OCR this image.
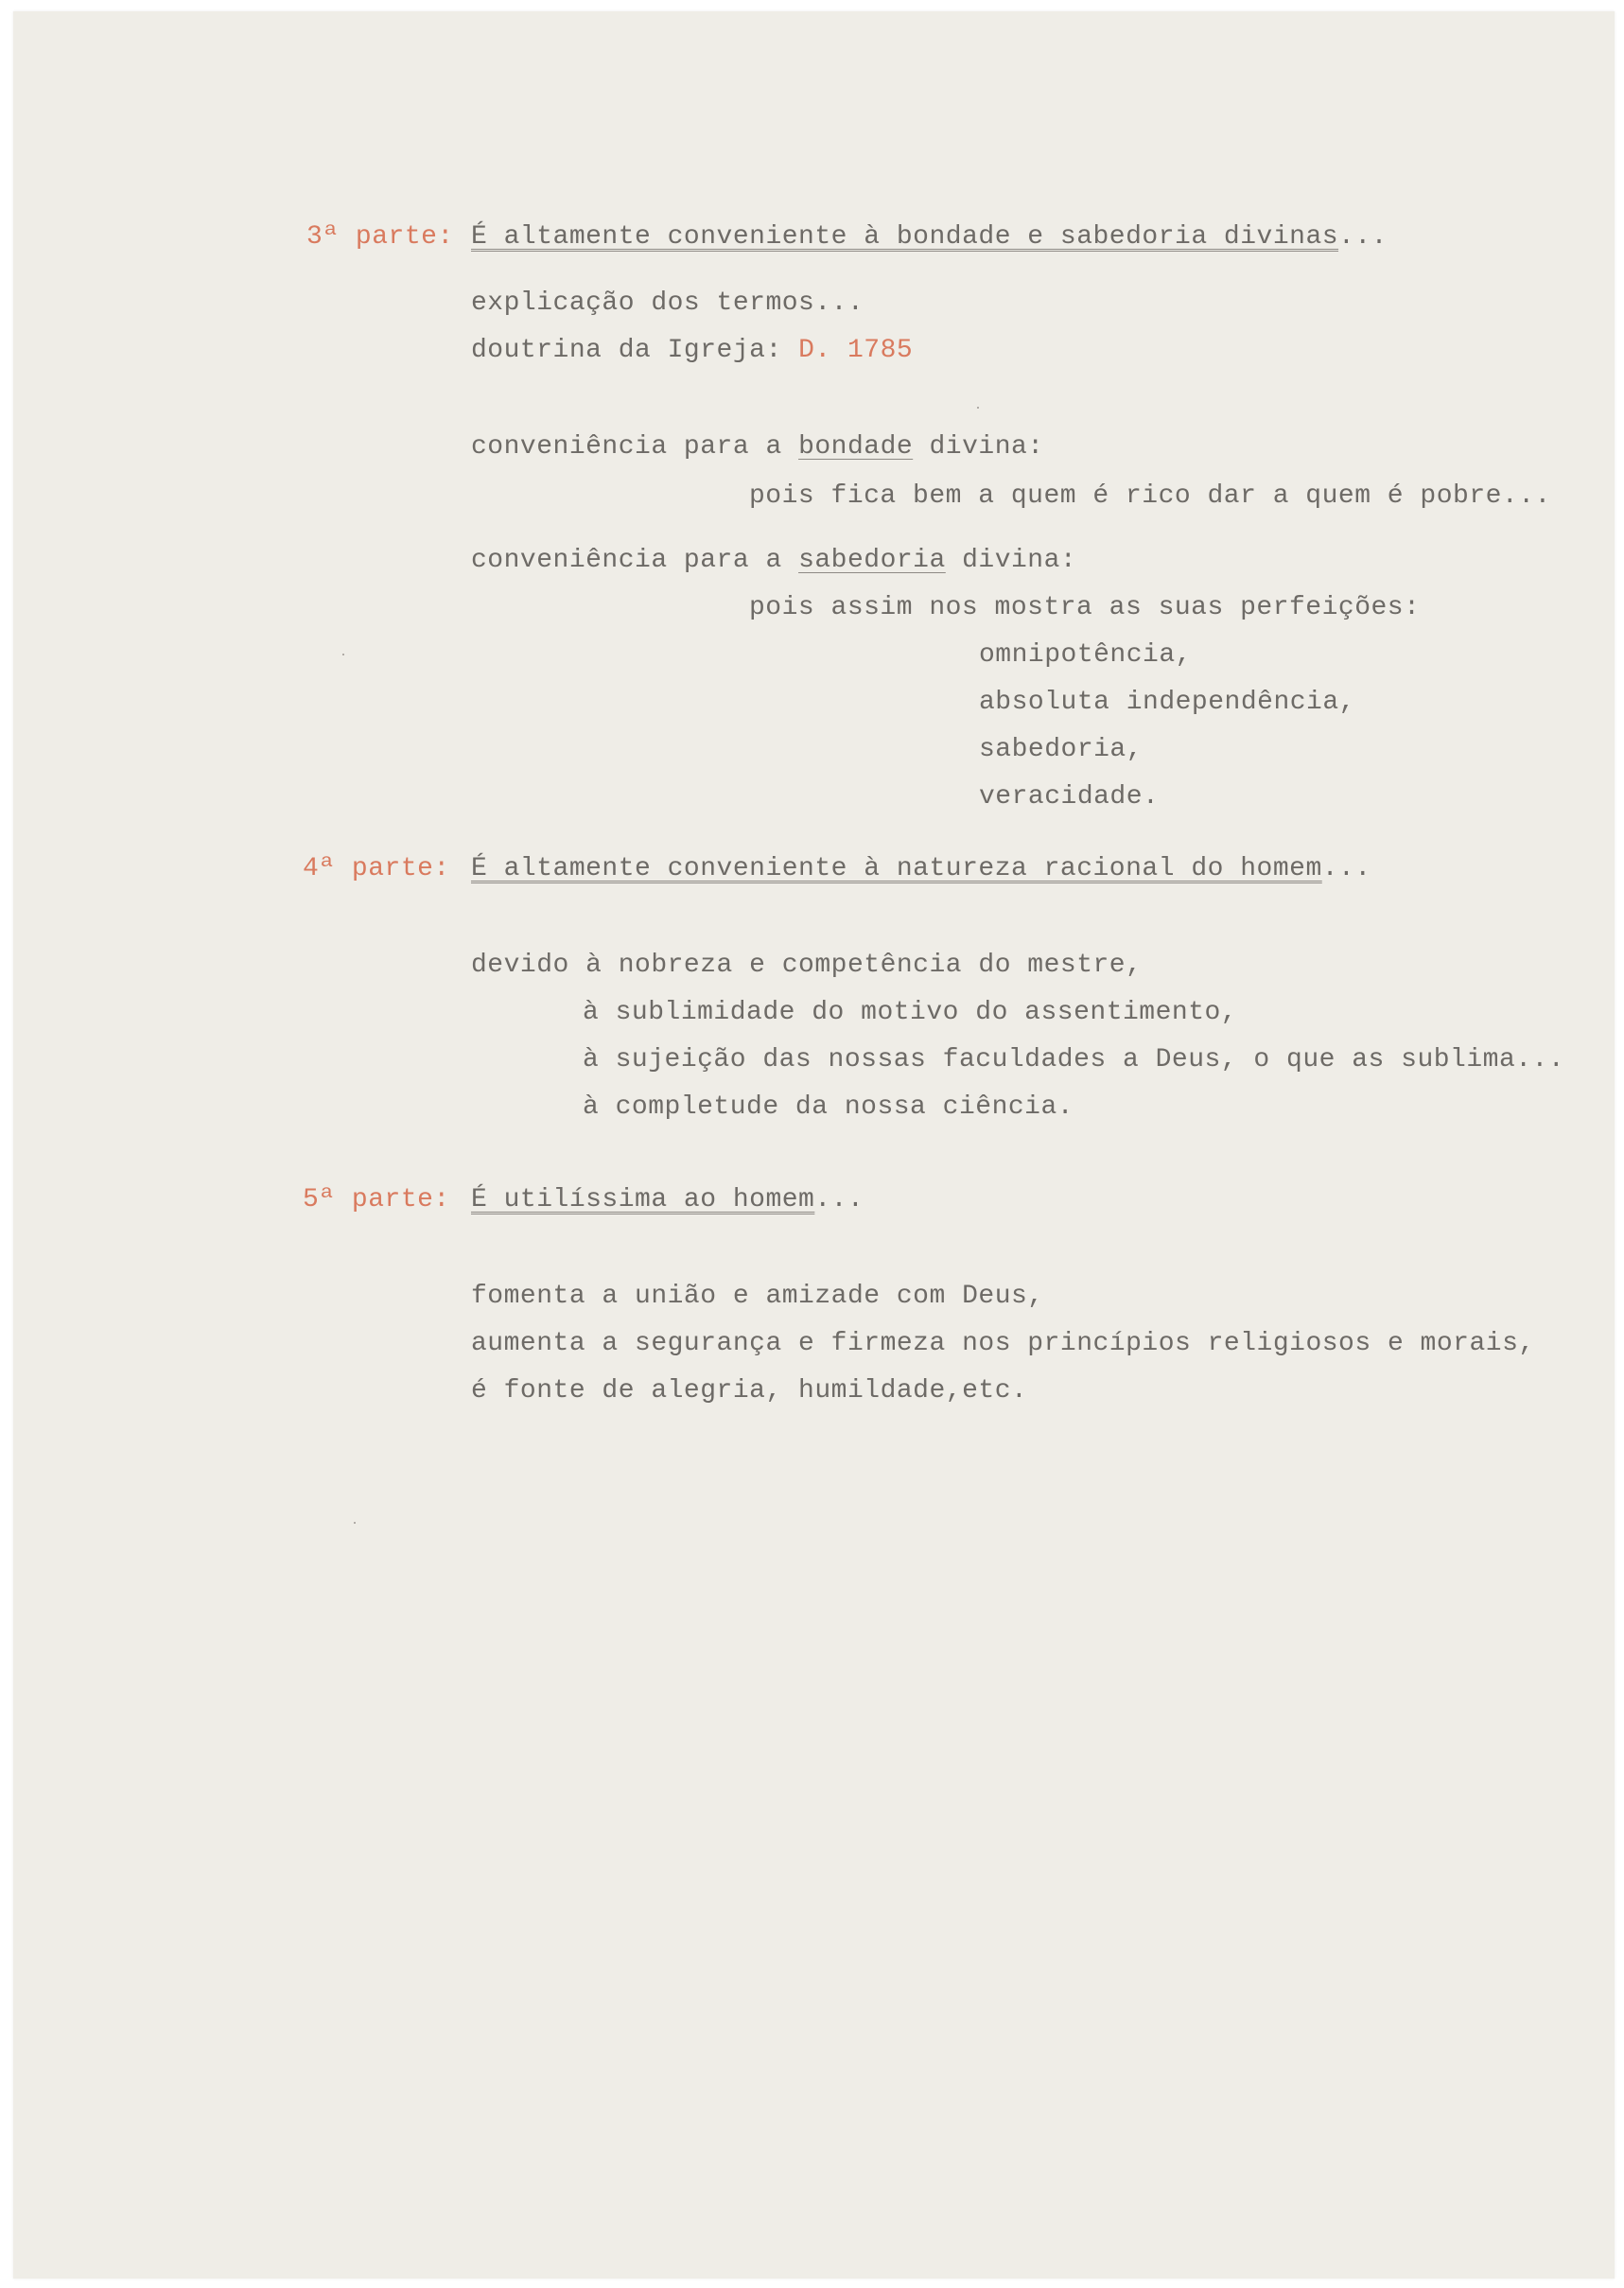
3ª parte: É altamente conveniente à bondade e sabedoria divinas...
explicação dos termos...
doutrina da Igreja: D. 1785
conveniência para a bondade divina:
pois fica bem a quem é rico dar a quem é pobre...
conveniência para a sabedoria divina:
pois assim nos mostra as suas perfeições:
omnipotência,
absoluta independência,
sabedoria,
veracidade.
4ª parte: É altamente conveniente à natureza racional do homem...
devido à nobreza e competência do mestre,
à sublimidade do motivo do assentimento,
à sujeição das nossas faculdades a Deus, o que as sublima...
à completude da nossa ciência.
5ª parte: É utilíssima ao homem...
fomenta a união e amizade com Deus,
aumenta a segurança e firmeza nos princípios religiosos e morais,
é fonte de alegria, humildade,etc.
